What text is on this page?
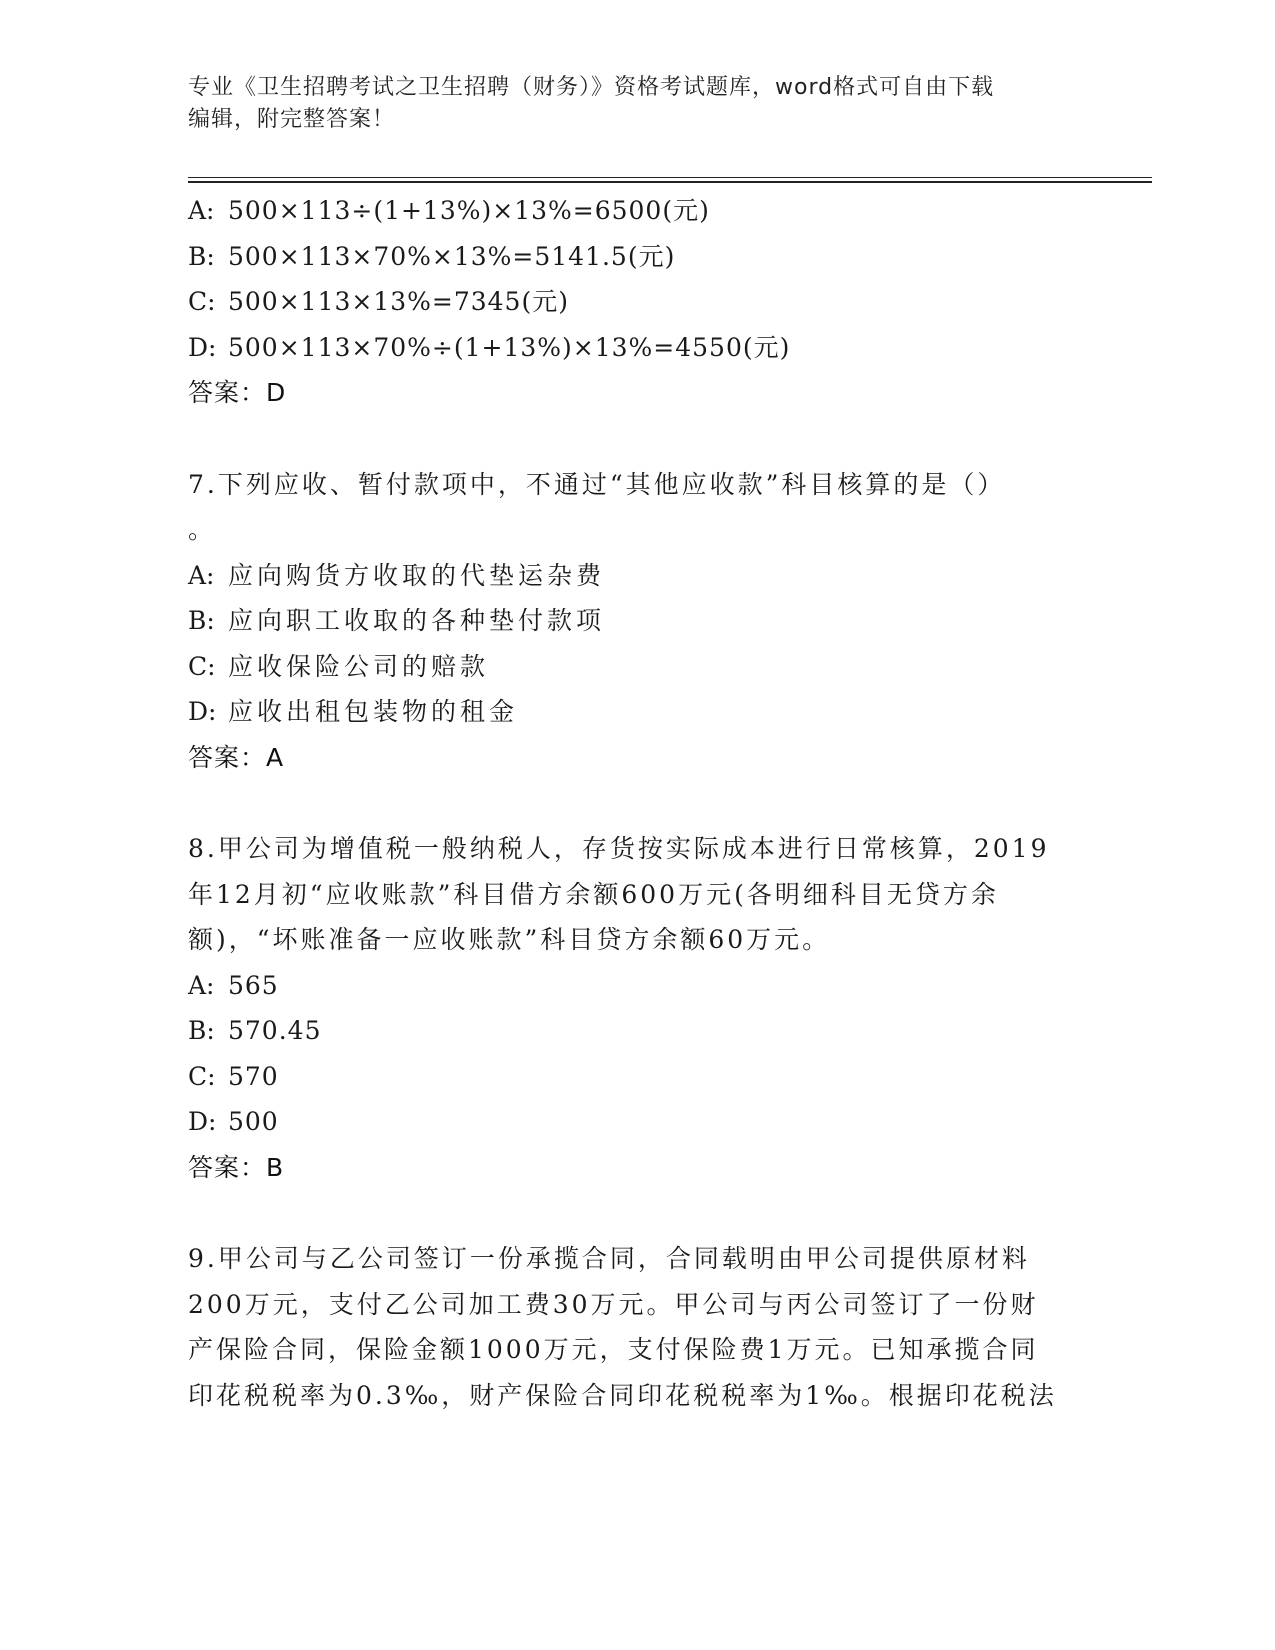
专业《卫生招聘考试之卫生招聘（财务）》资格考试题库，word格式可自由下载
编辑，附完整答案！
A: 500×113÷(1+13%)×13%=6500(元)
B: 500×113×70%×13%=5141.5(元)
C: 500×113×13%=7345(元)
D: 500×113×70%÷(1+13%)×13%=4550(元)
答案：D
7.下列应收、暂付款项中，不通过“其他应收款”科目核算的是（）
。
A: 应向购货方收取的代垫运杂费
B: 应向职工收取的各种垫付款项
C: 应收保险公司的赔款
D: 应收出租包装物的租金
答案：A
8.甲公司为增值税一般纳税人，存货按实际成本进行日常核算，2019
年12月初“应收账款”科目借方余额600万元(各明细科目无贷方余
额)，“坏账准备一应收账款”科目贷方余额60万元。
A: 565
B: 570.45
C: 570
D: 500
答案：B
9.甲公司与乙公司签订一份承揽合同，合同载明由甲公司提供原材料
200万元，支付乙公司加工费30万元。甲公司与丙公司签订了一份财
产保险合同，保险金额1000万元，支付保险费1万元。已知承揽合同
印花税税率为0.3‰，财产保险合同印花税税率为1‰。根据印花税法
